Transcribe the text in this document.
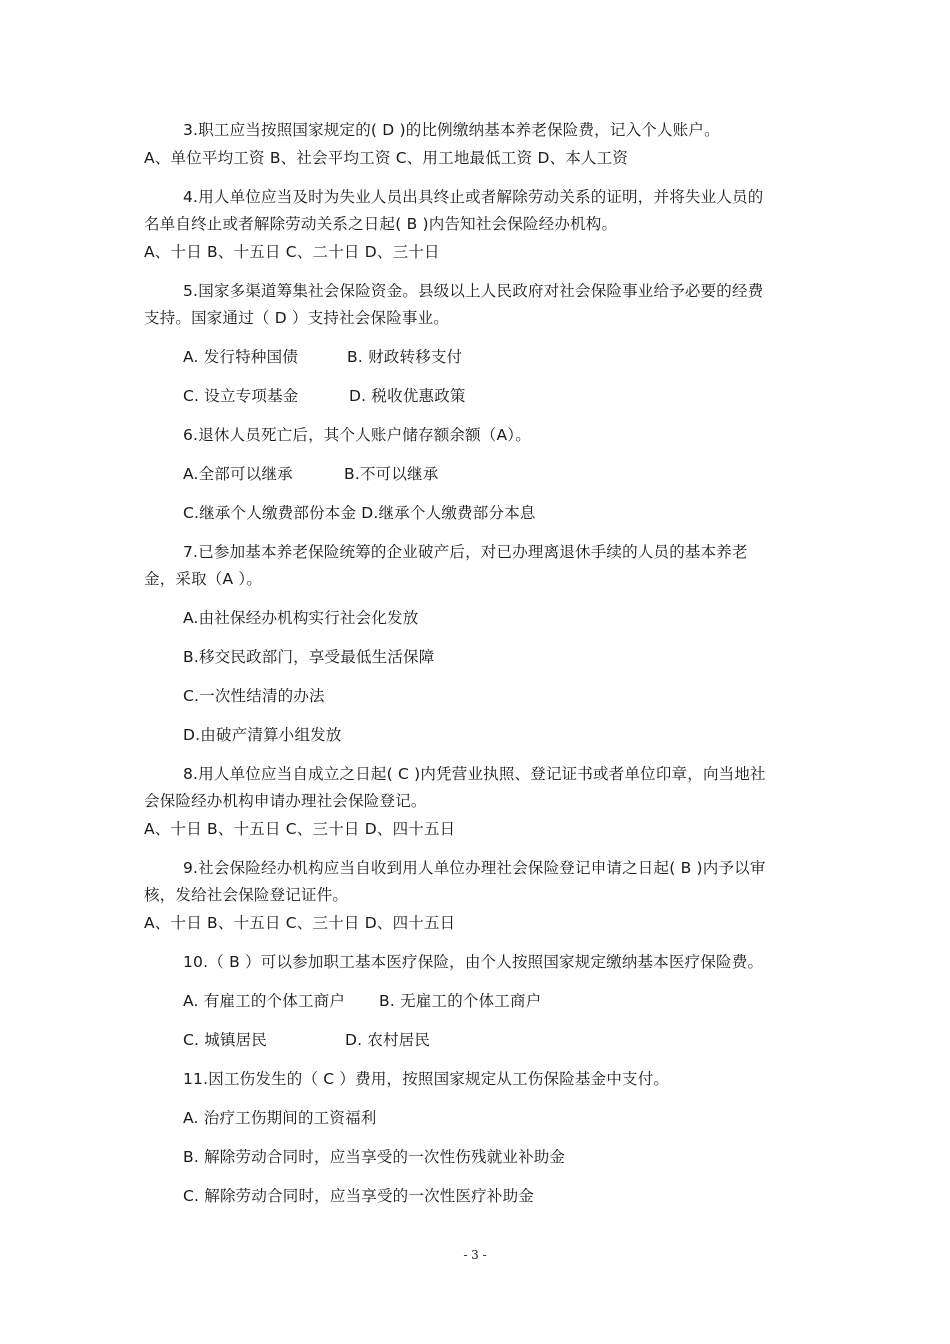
3.职工应当按照国家规定的( D )的比例缴纳基本养老保险费，记入个人账户。
A、单位平均工资 B、社会平均工资 C、用工地最低工资 D、本人工资
4.用人单位应当及时为失业人员出具终止或者解除劳动关系的证明，并将失业人员的
名单自终止或者解除劳动关系之日起( B )内告知社会保险经办机构。
A、十日 B、十五日 C、二十日 D、三十日
5.国家多渠道筹集社会保险资金。县级以上人民政府对社会保险事业给予必要的经费
支持。国家通过（ D ）支持社会保险事业。
A. 发行特种国债	B. 财政转移支付
C. 设立专项基金	D. 税收优惠政策
6.退休人员死亡后，其个人账户储存额余额（A）。
A.全部可以继承	B.不可以继承
C.继承个人缴费部份本金 D.继承个人缴费部分本息
7.已参加基本养老保险统筹的企业破产后，对已办理离退休手续的人员的基本养老
金，采取（A ）。
A.由社保经办机构实行社会化发放
B.移交民政部门，享受最低生活保障
C.一次性结清的办法
D.由破产清算小组发放
8.用人单位应当自成立之日起( C )内凭营业执照、登记证书或者单位印章，向当地社
会保险经办机构申请办理社会保险登记。
A、十日 B、十五日 C、三十日 D、四十五日
9.社会保险经办机构应当自收到用人单位办理社会保险登记申请之日起( B )内予以审
核，发给社会保险登记证件。
A、十日 B、十五日 C、三十日 D、四十五日
10.（ B ）可以参加职工基本医疗保险，由个人按照国家规定缴纳基本医疗保险费。
A. 有雇工的个体工商户 B. 无雇工的个体工商户
C. 城镇居民	D. 农村居民
11.因工伤发生的（ C ）费用，按照国家规定从工伤保险基金中支付。
A. 治疗工伤期间的工资福利
B. 解除劳动合同时，应当享受的一次性伤残就业补助金
C. 解除劳动合同时，应当享受的一次性医疗补助金
- 3 -
